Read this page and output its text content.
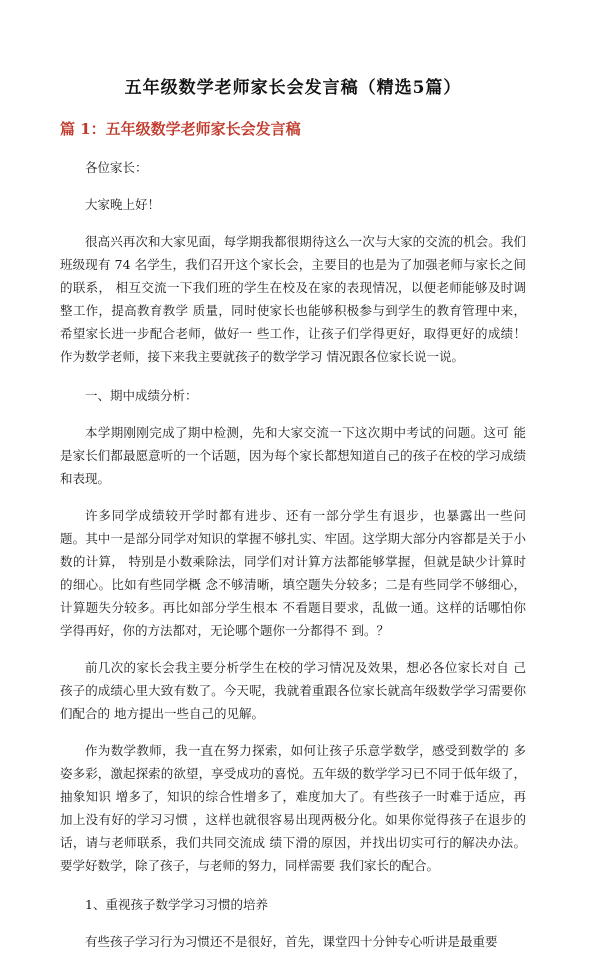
五年级数学老师家长会发言稿（精选5篇）
篇 1：五年级数学老师家长会发言稿

各位家长：

大家晚上好！

很高兴再次和大家见面，每学期我都很期待这么一次与大家的交流的机会。我们班级现有 74 名学生，我们召开这个家长会，主要目的也是为了加强老师与家长之间的联系， 相互交流一下我们班的学生在校及在家的表现情况，以便老师能够及时调整工作，提高教育教学 质量，同时使家长也能够积极参与到学生的教育管理中来，希望家长进一步配合老师，做好一 些工作，让孩子们学得更好，取得更好的成绩！作为数学老师，接下来我主要就孩子的数学学习 情况跟各位家长说一说。

一、期中成绩分析：

本学期刚刚完成了期中检测，先和大家交流一下这次期中考试的问题。这可 能是家长们都最愿意听的一个话题，因为每个家长都想知道自己的孩子在校的学习成绩和表现。

许多同学成绩较开学时都有进步、还有一部分学生有退步，也暴露出一些问 题。其中一是部分同学对知识的掌握不够扎实、牢固。这学期大部分内容都是关于小数的计算， 特别是小数乘除法，同学们对计算方法都能够掌握，但就是缺少计算时的细心。比如有些同学概 念不够清晰，填空题失分较多；二是有些同学不够细心，计算题失分较多。再比如部分学生根本 不看题目要求，乱做一通。这样的话哪怕你学得再好，你的方法都对，无论哪个题你一分都得不 到。？

前几次的家长会我主要分析学生在校的学习情况及效果，想必各位家长对自 己孩子的成绩心里大致有数了。今天呢，我就着重跟各位家长就高年级数学学习需要你们配合的 地方提出一些自己的见解。

作为数学教师，我一直在努力探索，如何让孩子乐意学数学，感受到数学的 多姿多彩，激起探索的欲望，享受成功的喜悦。五年级的数学学习已不同于低年级了，抽象知识 增多了，知识的综合性增多了，难度加大了。有些孩子一时难于适应，再加上没有好的学习习惯 ，这样也就很容易出现两极分化。如果你觉得孩子在退步的话，请与老师联系，我们共同交流成 绩下滑的原因，并找出切实可行的解决办法。要学好数学，除了孩子，与老师的努力，同样需要 我们家长的配合。

1、重视孩子数学学习习惯的培养

有些孩子学习行为习惯还不是很好，首先，课堂四十分钟专心听讲是最重要
